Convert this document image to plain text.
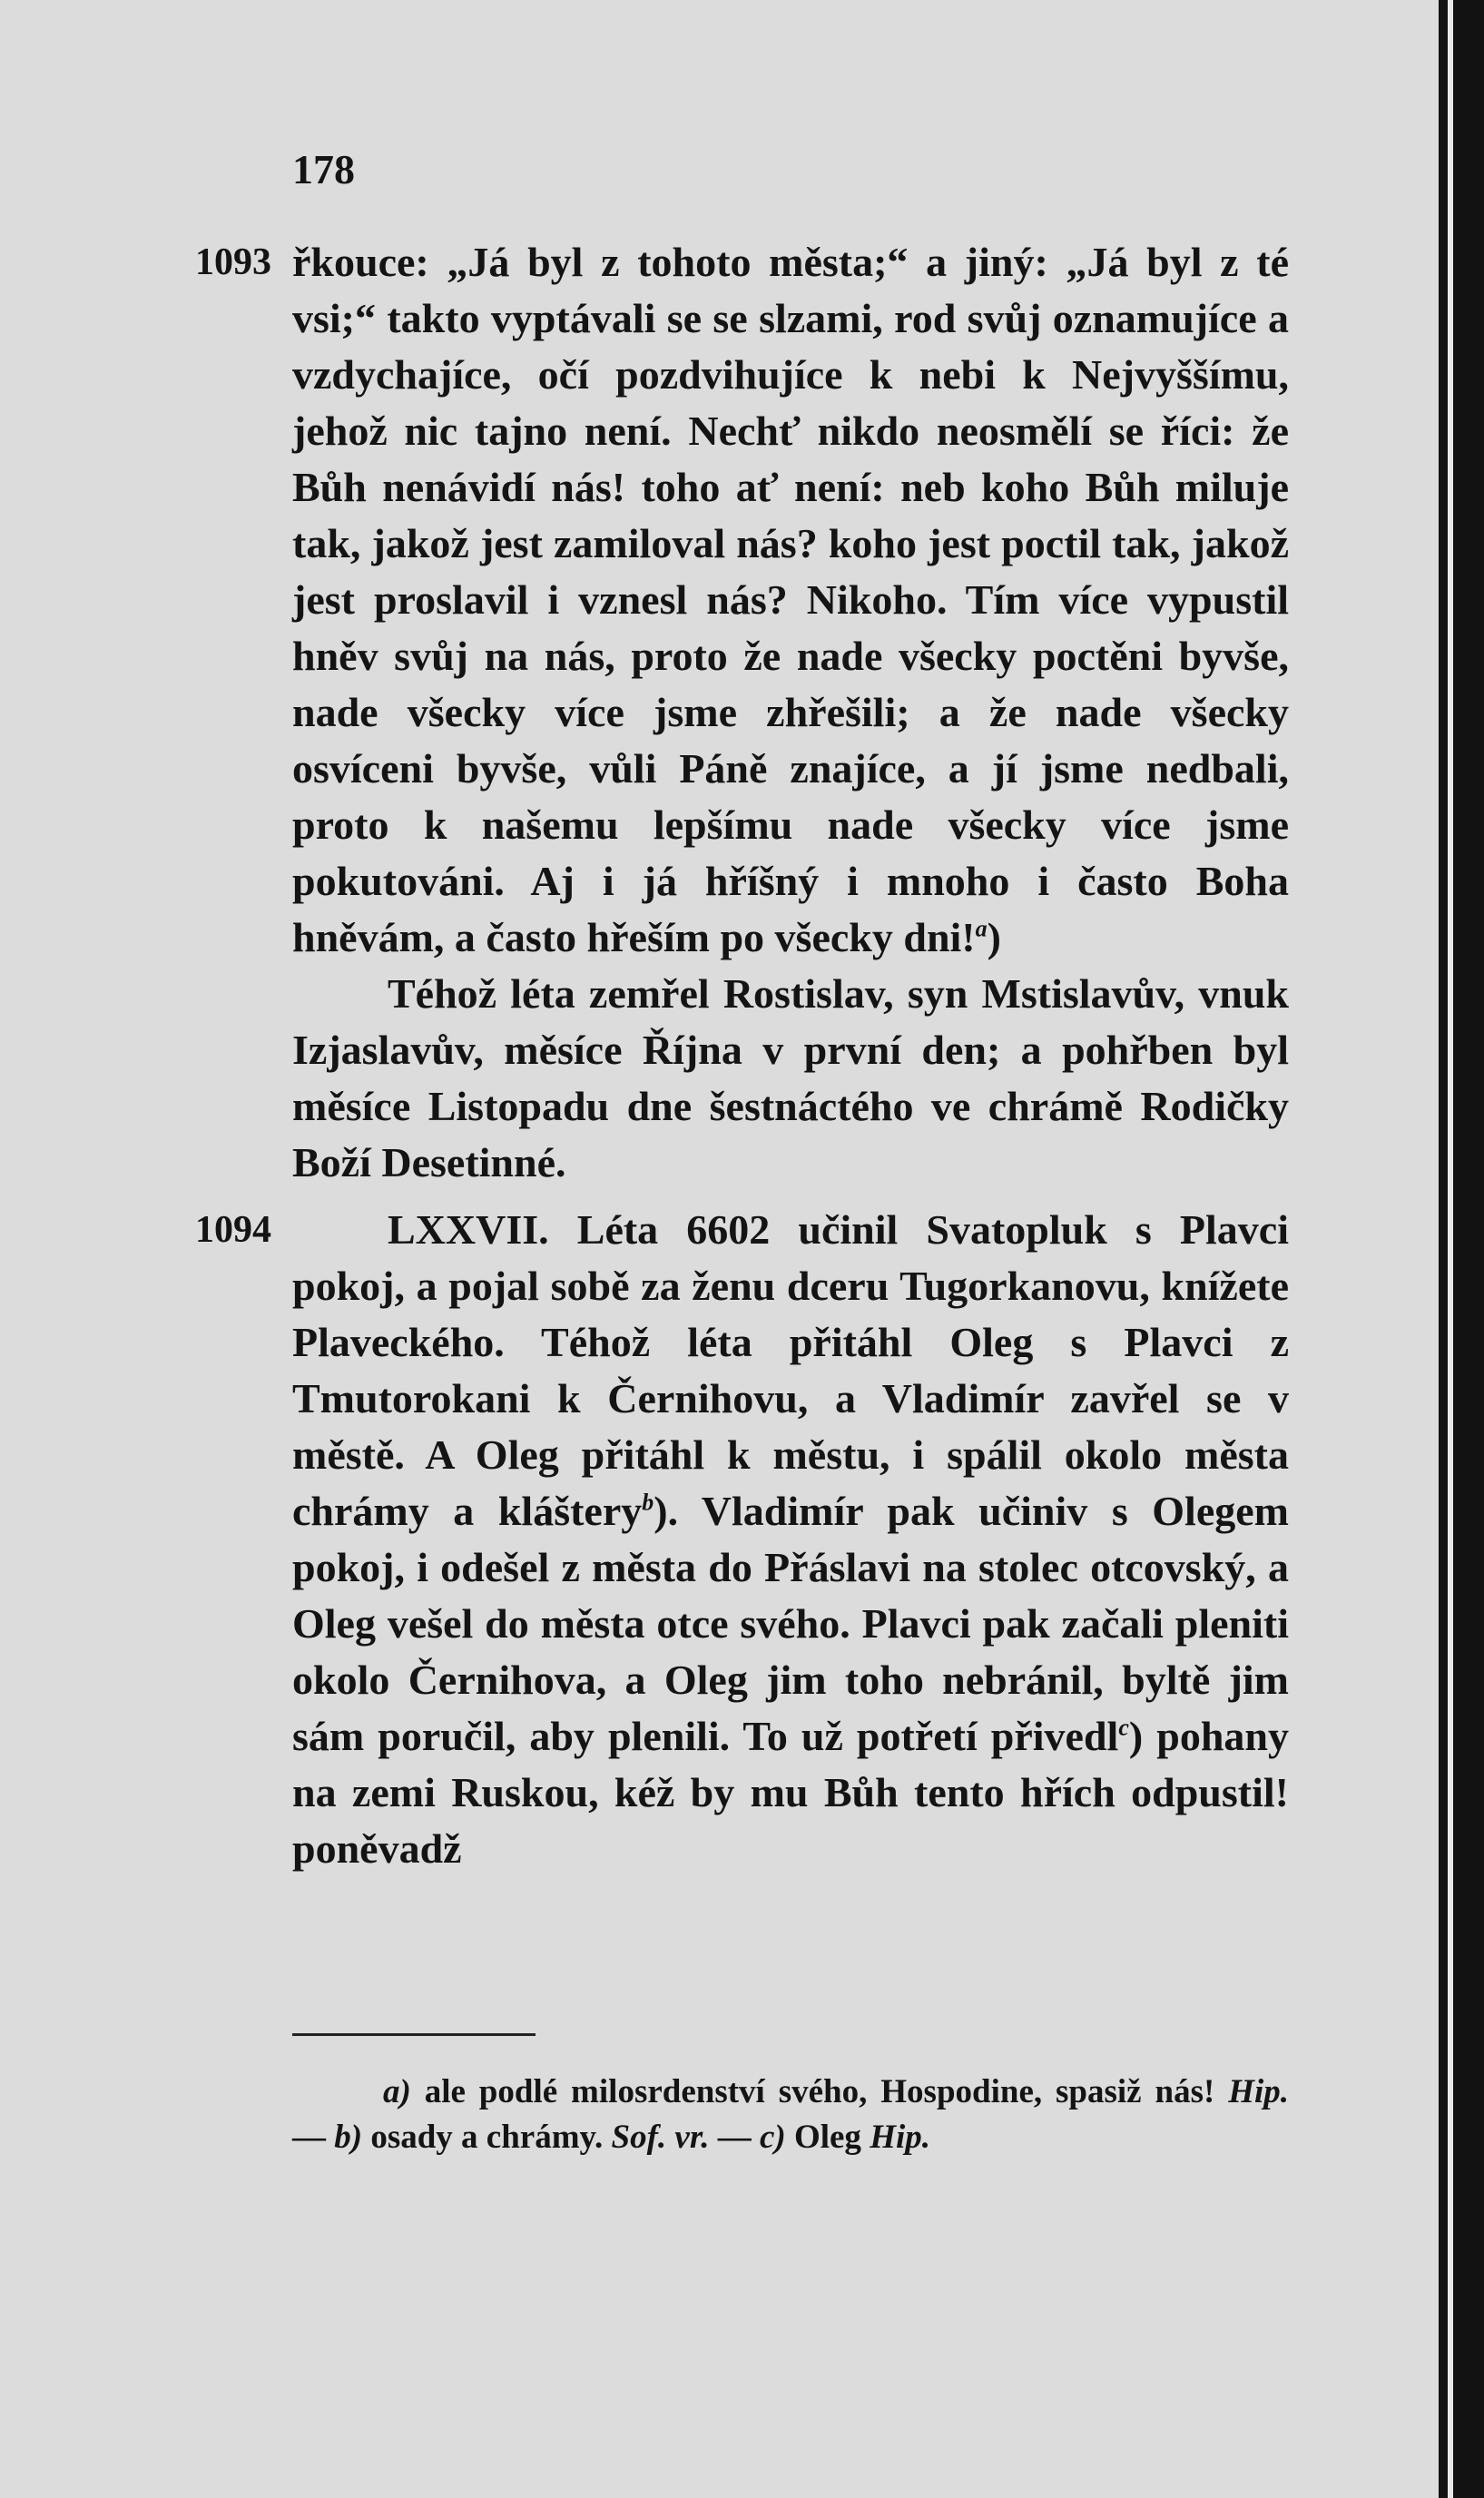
178

1093 řkouce: „Já byl z tohoto města;“ a jiný: „Já byl z té vsi;“ takto vyptávali se se slzami, rod svůj oznamujíce a vzdychajíce, očí pozdvihujíce k nebi k Nejvyššímu, jehož nic tajno není. Nechť nikdo neosmělí se říci: že Bůh nenávidí nás! toho ať není: neb koho Bůh miluje tak, jakož jest zamiloval nás? koho jest poctil tak, jakož jest proslavil i vznesl nás? Nikoho. Tím více vypustil hněv svůj na nás, proto že nade všecky poctěni byvše, nade všecky více jsme zhřešili; a že nade všecky osvíceni byvše, vůli Páně znajíce, a jí jsme nedbali, proto k našemu lepšímu nade všecky více jsme pokutováni. Aj i já hříšný i mnoho i často Boha hněvám, a často hřeším po všecky dni!$^a$)

Téhož léta zemřel Rostislav, syn Mstislavův, vnuk Izjaslavův, měsíce Října v první den; a pohřben byl měsíce Listopadu dne šestnáctého ve chrámě Rodičky Boží Desetinné.

1094	LXXVII. Léta 6602 učinil Svatopluk s Plavci pokoj, a pojal sobě za ženu dceru Tugorkanovu, knížete Plaveckého. Téhož léta přitáhl Oleg s Plavci z Tmutorokani k Černihovu, a Vladimír zavřel se v městě. A Oleg přitáhl k městu, i spálil okolo města chrámy a kláštery$^b$). Vladimír pak učiniv s Olegem pokoj, i odešel z města do Přáslavi na stolec otcovský, a Oleg vešel do města otce svého. Plavci pak začali pleniti okolo Černihova, a Oleg jim toho nebránil, byltě jim sám poručil, aby plenili. To už potřetí přivedl$^c$) pohany na zemi Ruskou, kéž by mu Bůh tento hřích odpustil! poněvadž

a) ale podlé milosrdenství svého, Hospodine, spasiž nás! Hip. — b) osady a chrámy. Sof. vr. — c) Oleg Hip.
